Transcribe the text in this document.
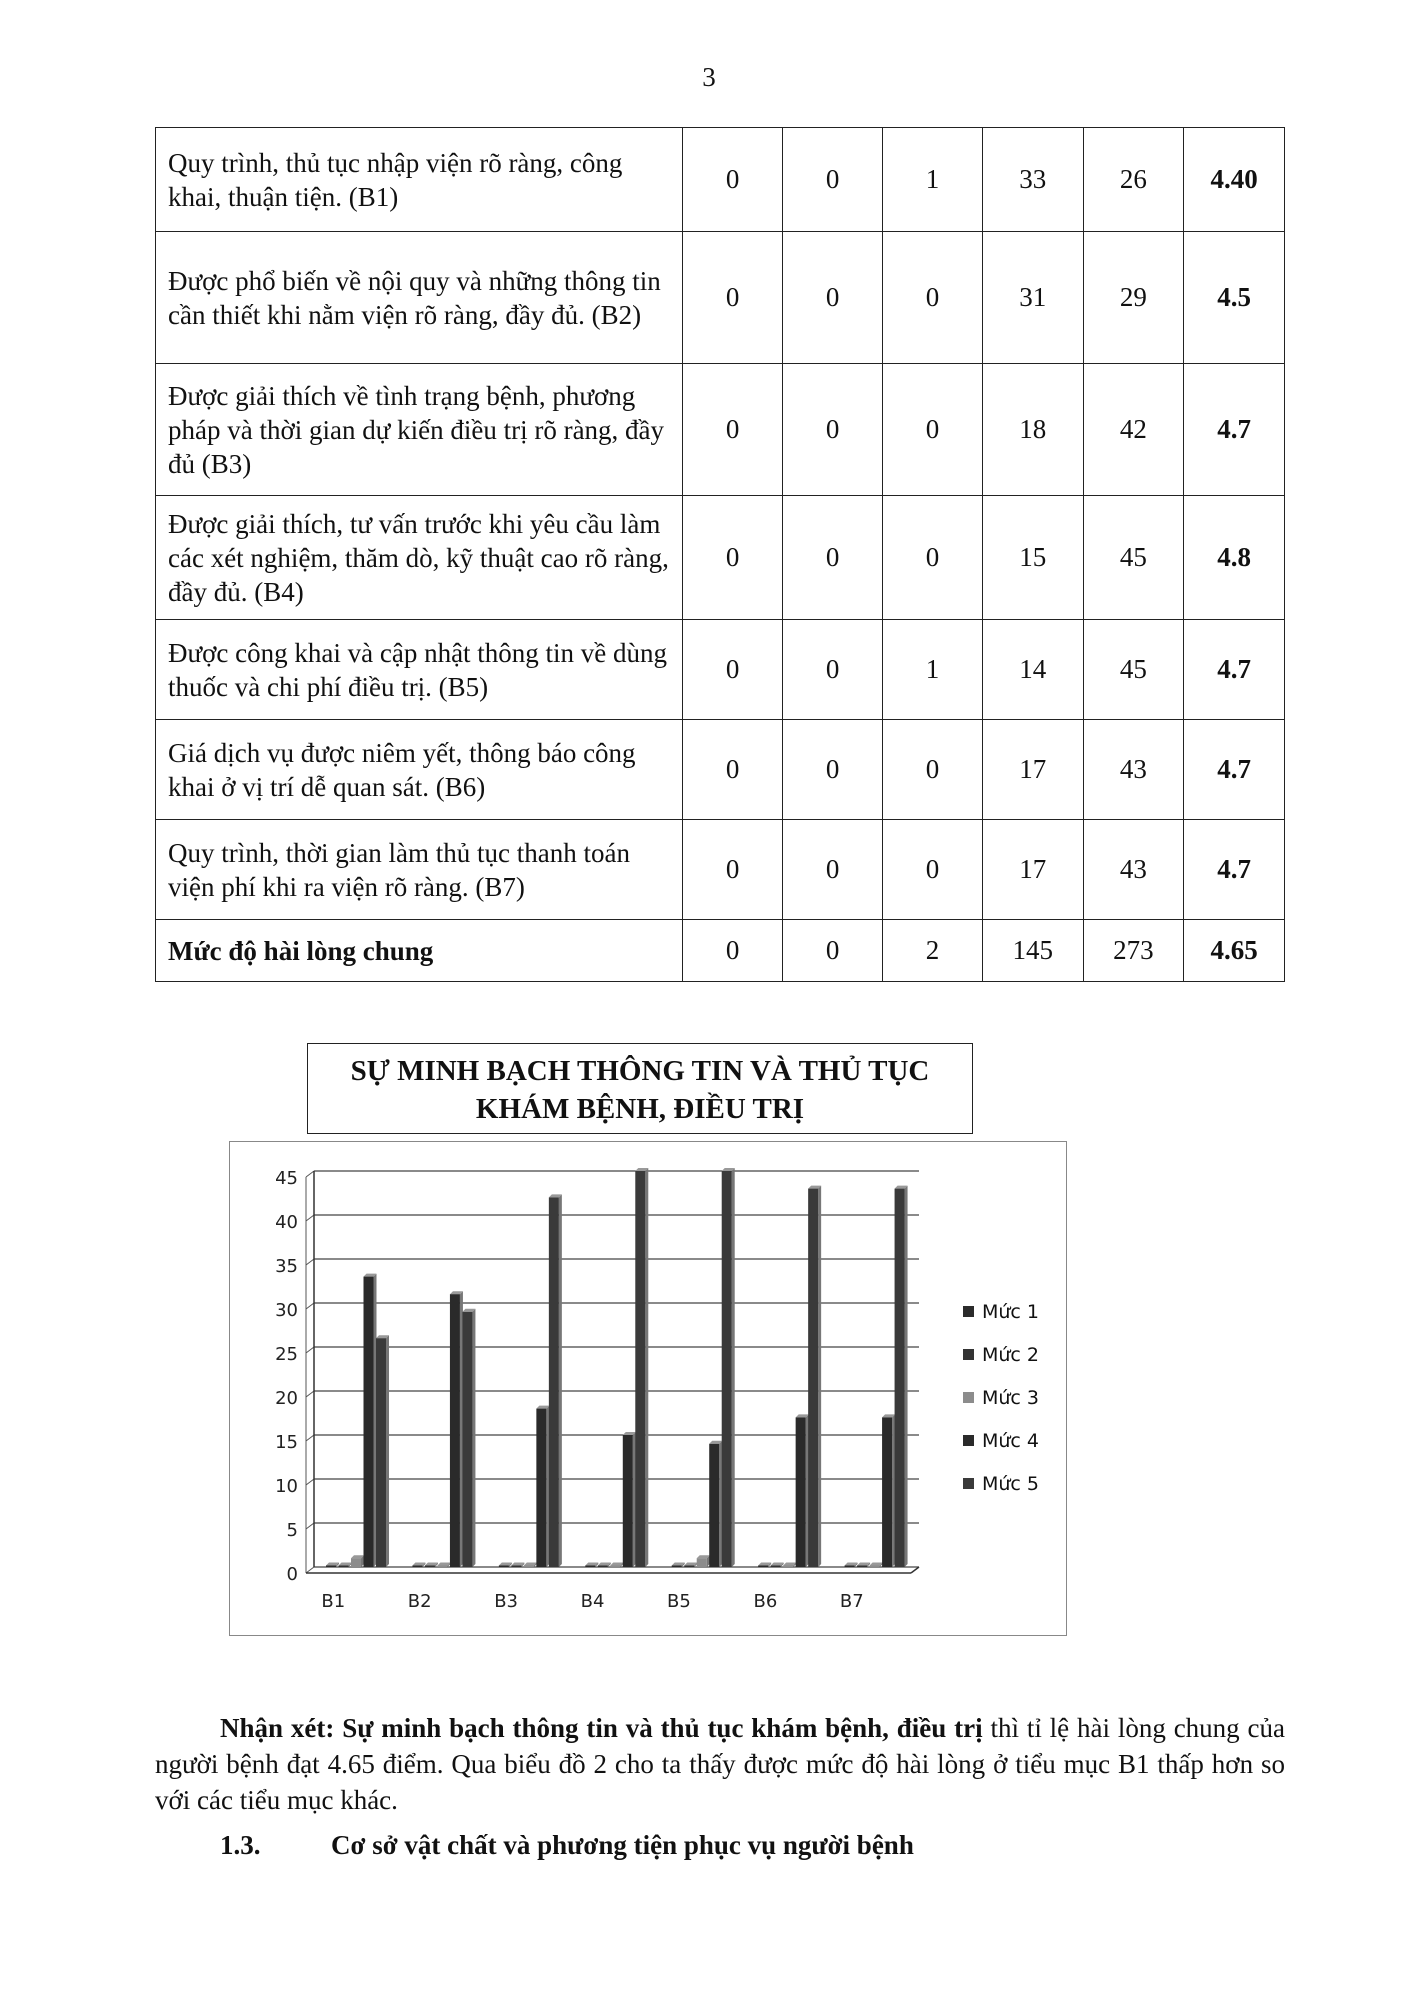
3
Quy trình, thủ tục nhập viện rõ ràng, công khai, thuận tiện. (B1)	0	0	1	33	26	4.40
Được phổ biến về nội quy và những thông tin cần thiết khi nằm viện rõ ràng, đầy đủ. (B2)	0	0	0	31	29	4.5
Được giải thích về tình trạng bệnh, phương pháp và thời gian dự kiến điều trị rõ ràng, đầy đủ (B3)	0	0	0	18	42	4.7
Được giải thích, tư vấn trước khi yêu cầu làm các xét nghiệm, thăm dò, kỹ thuật cao rõ ràng, đầy đủ. (B4)	0	0	0	15	45	4.8
Được công khai và cập nhật thông tin về dùng thuốc và chi phí điều trị. (B5)	0	0	1	14	45	4.7
Giá dịch vụ được niêm yết, thông báo công khai ở vị trí dễ quan sát. (B6)	0	0	0	17	43	4.7
Quy trình, thời gian làm thủ tục thanh toán viện phí khi ra viện rõ ràng. (B7)	0	0	0	17	43	4.7
Mức độ hài lòng chung	0	0	2	145	273	4.65
SỰ MINH BẠCH THÔNG TIN VÀ THỦ TỤC
KHÁM BỆNH, ĐIỀU TRỊ
0
5
10
15
20
25
30
35
40
45
B1	B2	B3	B4	B5	B6	B7
Mức 1
Mức 2
Mức 3
Mức 4
Mức 5

Nhận xét: Sự minh bạch thông tin và thủ tục khám bệnh, điều trị thì tỉ lệ hài lòng chung của người bệnh đạt 4.65 điểm. Qua biểu đồ 2 cho ta thấy được mức độ hài lòng ở tiểu mục B1 thấp hơn so với các tiểu mục khác.

1.3.	Cơ sở vật chất và phương tiện phục vụ người bệnh
